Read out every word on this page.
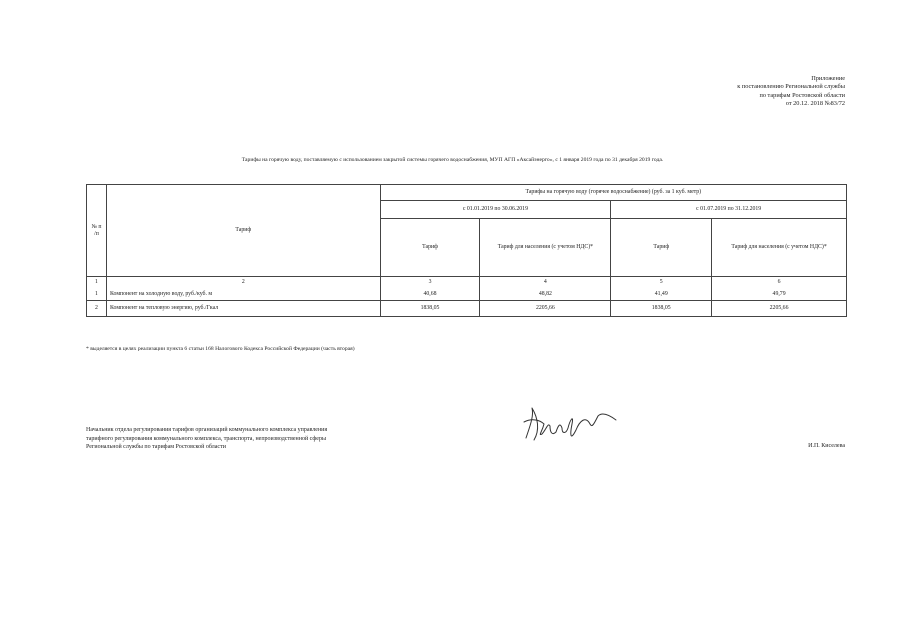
Приложение
к постановлению Региональной службы
по тарифам Ростовской области
от 20.12. 2018 №83/72
Тарифы на горячую воду, поставляемую с использованием закрытой системы горячего водоснабжения, МУП АГП «Аксайэнерго», с 1 января 2019 года по 31 декабря 2019 года.
№ п /п	Тариф	Тарифы на горячую воду (горячее водоснабжение) (руб. за 1 куб. метр)			
		с 01.01.2019 по 30.06.2019		с 01.07.2019 по 31.12.2019	
		Тариф	Тариф для населения (с учетом НДС)*	Тариф	Тариф для населения (с учетом НДС)*
1	2	3	4	5	6
1	Компонент на холодную воду, руб./куб. м	40,68	48,82	41,49	49,79
2	Компонент на тепловую энергию, руб./Гкал	1838,05	2205,66	1838,05	2205,66
* выделяется в целях реализации пункта 6 статьи 168 Налогового Кодекса Российской Федерации (часть вторая)
Начальник отдела регулирования тарифов организаций коммунального комплекса управления
тарифного регулирования коммунального комплекса, транспорта, непроизводственной сферы
Региональной службы по тарифам Ростовской области	И.П. Киселева
